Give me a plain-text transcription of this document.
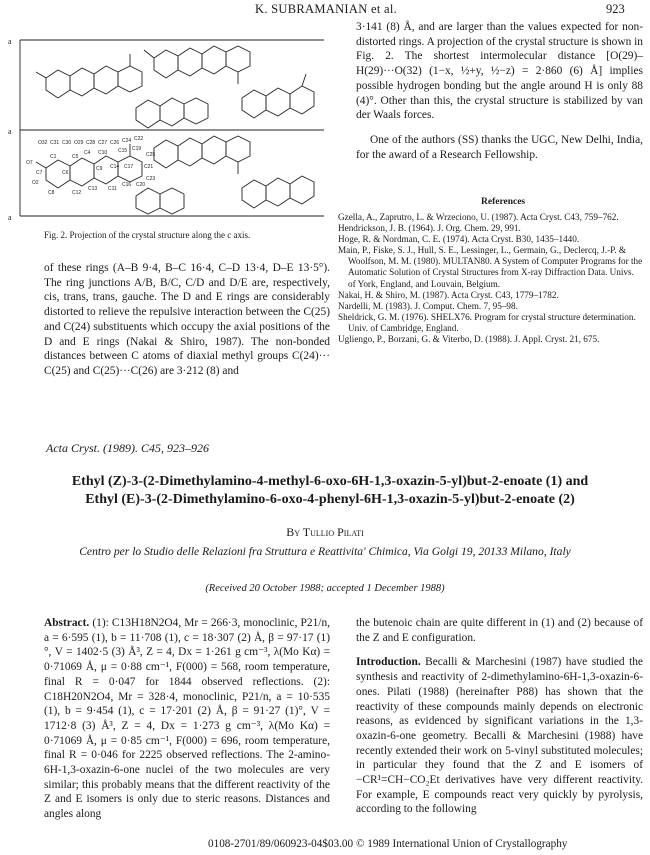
K. SUBRAMANIAN et al.	923
a
a
a
O7
C7
C1
O2
C8
C6
C12
C5
C4
C13
C9
C10
C11
C14
C15
C16
C17
C19
C20
C21
C22
C25
C23
C24
C26
C27
C28
O29
C30
C31
O32
Fig. 2. Projection of the crystal structure along the c axis.

of these rings (A–B 9·4, B–C 16·4, C–D 13·4, D–E 13·5°). The ring junctions A/B, B/C, C/D and D/E are, respectively, cis, trans, trans, gauche. The D and E rings are considerably distorted to relieve the repulsive interaction between the C(25) and C(24) substituents which occupy the axial positions of the D and E rings (Nakai & Shiro, 1987). The non-bonded distances between C atoms of diaxial methyl groups C(24)··· C(25) and C(25)···C(26) are 3·212 (8) and

3·141 (8) Å, and are larger than the values expected for non-distorted rings. A projection of the crystal structure is shown in Fig. 2. The shortest intermolecular distance [O(29)–H(29)···O(32) (1−x, ½+y, ½−z) = 2·860 (6) Å] implies possible hydrogen bonding but the angle around H is only 88 (4)°. Other than this, the crystal structure is stabilized by van der Waals forces.

One of the authors (SS) thanks the UGC, New Delhi, India, for the award of a Research Fellowship.

References
Gzella, A., Zaprutro, L. & Wrzeciono, U. (1987). Acta Cryst. C43, 759–762.
Hendrickson, J. B. (1964). J. Org. Chem. 29, 991.
Hoge, R. & Nordman, C. E. (1974). Acta Cryst. B30, 1435–1440.
Main, P., Fiske, S. J., Hull, S. E., Lessinger, L., Germain, G., Declercq, J.-P. & Woolfson, M. M. (1980). MULTAN80. A System of Computer Programs for the Automatic Solution of Crystal Structures from X-ray Diffraction Data. Univs. of York, England, and Louvain, Belgium.
Nakai, H. & Shiro, M. (1987). Acta Cryst. C43, 1779–1782.
Nardelli, M. (1983). J. Comput. Chem. 7, 95–98.
Sheldrick, G. M. (1976). SHELX76. Program for crystal structure determination. Univ. of Cambridge, England.
Ugliengo, P., Borzani, G. & Viterbo, D. (1988). J. Appl. Cryst. 21, 675.
Acta Cryst. (1989). C45, 923–926
Ethyl (Z)-3-(2-Dimethylamino-4-methyl-6-oxo-6H-1,3-oxazin-5-yl)but-2-enoate (1) and
Ethyl (E)-3-(2-Dimethylamino-6-oxo-4-phenyl-6H-1,3-oxazin-5-yl)but-2-enoate (2)
By Tullio Pilati
Centro per lo Studio delle Relazioni fra Struttura e Reattivita' Chimica, Via Golgi 19, 20133 Milano, Italy
(Received 20 October 1988; accepted 1 December 1988)

Abstract. (1): C13H18N2O4, Mr = 266·3, monoclinic, P21/n, a = 6·595 (1), b = 11·708 (1), c = 18·307 (2) Å, β = 97·17 (1)°, V = 1402·5 (3) Å³, Z = 4, Dx = 1·261 g cm⁻³, λ(Mo Kα) = 0·71069 Å, μ = 0·88 cm⁻¹, F(000) = 568, room temperature, final R = 0·047 for 1844 observed reflections. (2): C18H20N2O4, Mr = 328·4, monoclinic, P21/n, a = 10·535 (1), b = 9·454 (1), c = 17·201 (2) Å, β = 91·27 (1)°, V = 1712·8 (3) Å³, Z = 4, Dx = 1·273 g cm⁻³, λ(Mo Kα) = 0·71069 Å, μ = 0·85 cm⁻¹, F(000) = 696, room temperature, final R = 0·046 for 2225 observed reflections. The 2-amino-6H-1,3-oxazin-6-one nuclei of the two molecules are very similar; this probably means that the different reactivity of the Z and E isomers is only due to steric reasons. Distances and angles along

the butenoic chain are quite different in (1) and (2) because of the Z and E configuration.

Introduction. Becalli & Marchesini (1987) have studied the synthesis and reactivity of 2-dimethylamino-6H-1,3-oxazin-6-ones. Pilati (1988) (hereinafter P88) has shown that the reactivity of these compounds mainly depends on electronic reasons, as evidenced by significant variations in the 1,3-oxazin-6-one geometry. Becalli & Marchesini (1988) have recently extended their work on 5-vinyl substituted molecules; in particular they found that the Z and E isomers of −CR¹=CH−CO₂Et derivatives have very different reactivity. For example, E compounds react very quickly by pyrolysis, according to the following

0108-2701/89/060923-04$03.00 © 1989 International Union of Crystallography
